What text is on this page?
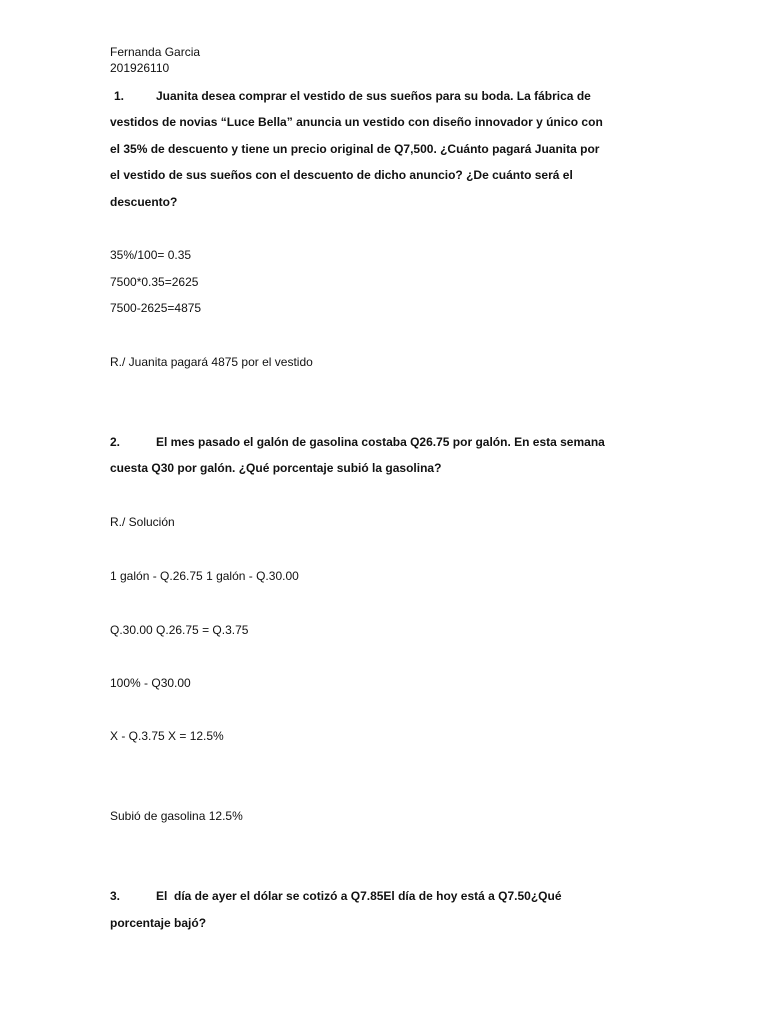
Fernanda Garcia
201926110
1.	Juanita desea comprar el vestido de sus sueños para su boda. La fábrica de
vestidos de novias “Luce Bella” anuncia un vestido con diseño innovador y único con
el 35% de descuento y tiene un precio original de Q7,500. ¿Cuánto pagará Juanita por
el vestido de sus sueños con el descuento de dicho anuncio? ¿De cuánto será el
descuento?
35%/100= 0.35
7500*0.35=2625
7500-2625=4875
R./ Juanita pagará 4875 por el vestido
2.	El mes pasado el galón de gasolina costaba Q26.75 por galón. En esta semana
cuesta Q30 por galón. ¿Qué porcentaje subió la gasolina?
R./ Solución
1 galón - Q.26.75 1 galón - Q.30.00
Q.30.00 Q.26.75 = Q.3.75
100% - Q30.00
X - Q.3.75 X = 12.5%
Subió de gasolina 12.5%
3.	El  día de ayer el dólar se cotizó a Q7.85El día de hoy está a Q7.50¿Qué
porcentaje bajó?
